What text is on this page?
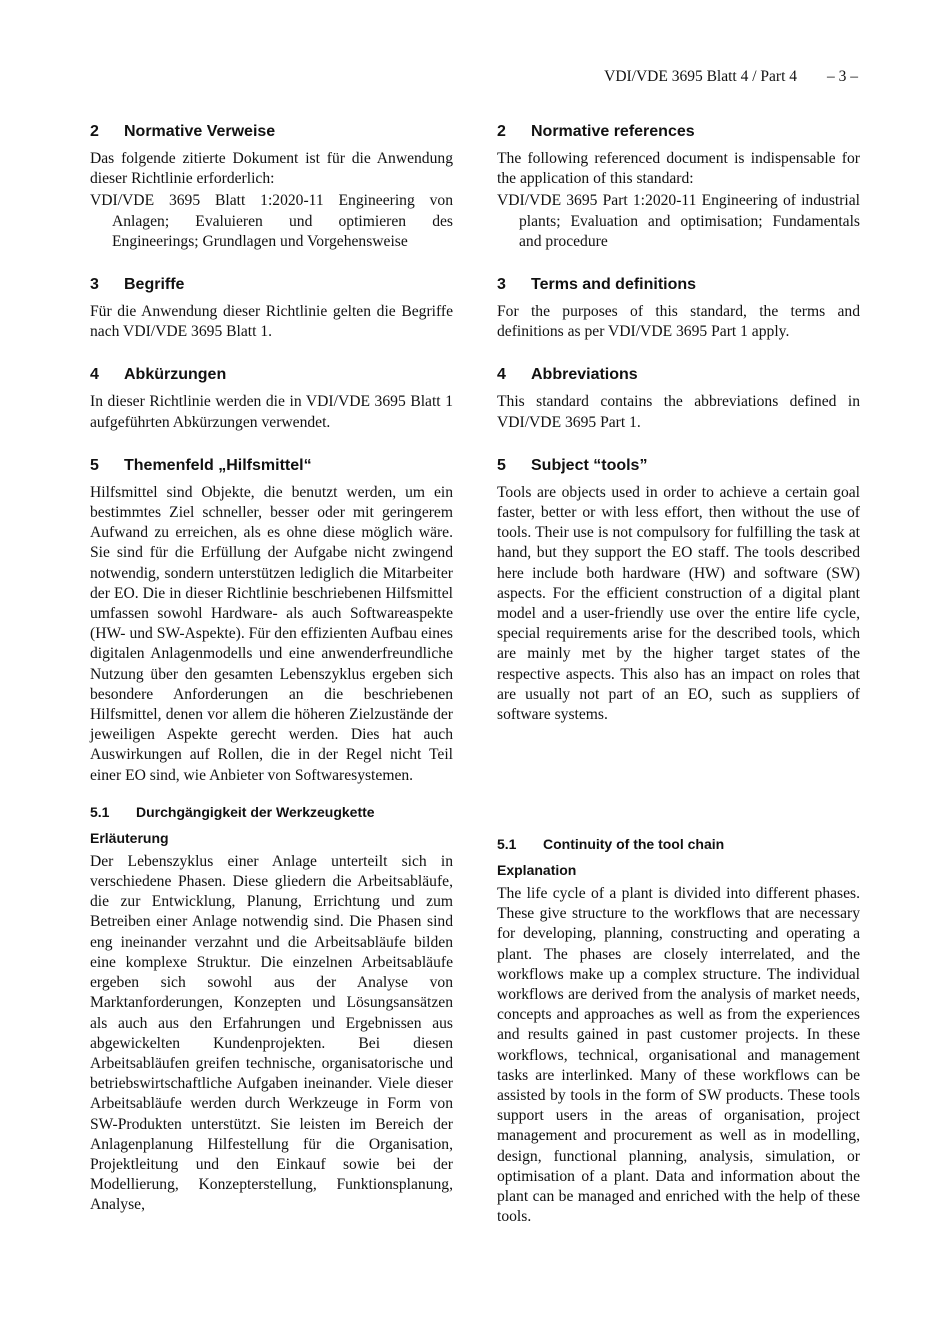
VDI/VDE 3695 Blatt 4 / Part 4 – 3 –
2	Normative Verweise

Das folgende zitierte Dokument ist für die Anwendung dieser Richtlinie erforderlich:

VDI/VDE 3695 Blatt 1:2020-11 Engineering von Anlagen; Evaluieren und optimieren des Engineerings; Grundlagen und Vorgehensweise

3	Begriffe

Für die Anwendung dieser Richtlinie gelten die Begriffe nach VDI/VDE 3695 Blatt 1.

4	Abkürzungen

In dieser Richtlinie werden die in VDI/VDE 3695 Blatt 1 aufgeführten Abkürzungen verwendet.

5	Themenfeld „Hilfsmittel“

Hilfsmittel sind Objekte, die benutzt werden, um ein bestimmtes Ziel schneller, besser oder mit geringerem Aufwand zu erreichen, als es ohne diese möglich wäre. Sie sind für die Erfüllung der Aufgabe nicht zwingend notwendig, sondern unterstützen lediglich die Mitarbeiter der EO. Die in dieser Richtlinie beschriebenen Hilfsmittel umfassen sowohl Hardware- als auch Softwareaspekte (HW- und SW-Aspekte). Für den effizienten Aufbau eines digitalen Anlagenmodells und eine anwenderfreundliche Nutzung über den gesamten Lebenszyklus ergeben sich besondere Anforderungen an die beschriebenen Hilfsmittel, denen vor allem die höheren Zielzustände der jeweiligen Aspekte gerecht werden. Dies hat auch Auswirkungen auf Rollen, die in der Regel nicht Teil einer EO sind, wie Anbieter von Softwaresystemen.

5.1	Durchgängigkeit der Werkzeugkette
Erläuterung

Der Lebenszyklus einer Anlage unterteilt sich in verschiedene Phasen. Diese gliedern die Arbeitsabläufe, die zur Entwicklung, Planung, Errichtung und zum Betreiben einer Anlage notwendig sind. Die Phasen sind eng ineinander verzahnt und die Arbeitsabläufe bilden eine komplexe Struktur. Die einzelnen Arbeitsabläufe ergeben sich sowohl aus der Analyse von Marktanforderungen, Konzepten und Lösungsansätzen als auch aus den Erfahrungen und Ergebnissen aus abgewickelten Kundenprojekten. Bei diesen Arbeitsabläufen greifen technische, organisatorische und betriebswirtschaftliche Aufgaben ineinander. Viele dieser Arbeitsabläufe werden durch Werkzeuge in Form von SW-Produkten unterstützt. Sie leisten im Bereich der Anlagenplanung Hilfestellung für die Organisation, Projektleitung und den Einkauf sowie bei der Modellierung, Konzepterstellung, Funktionsplanung, Analyse,

2	Normative references

The following referenced document is indispensable for the application of this standard:

VDI/VDE 3695 Part 1:2020-11 Engineering of industrial plants; Evaluation and optimisation; Fundamentals and procedure

3	Terms and definitions

For the purposes of this standard, the terms and definitions as per VDI/VDE 3695 Part 1 apply.

4	Abbreviations

This standard contains the abbreviations defined in VDI/VDE 3695 Part 1.

5	Subject “tools”

Tools are objects used in order to achieve a certain goal faster, better or with less effort, then without the use of tools. Their use is not compulsory for fulfilling the task at hand, but they support the EO staff. The tools described here include both hardware (HW) and software (SW) aspects. For the efficient construction of a digital plant model and a user-friendly use over the entire life cycle, special requirements arise for the described tools, which are mainly met by the higher target states of the respective aspects. This also has an impact on roles that are usually not part of an EO, such as suppliers of software systems.

5.1	Continuity of the tool chain
Explanation

The life cycle of a plant is divided into different phases. These give structure to the workflows that are necessary for developing, planning, constructing and operating a plant. The phases are closely interrelated, and the workflows make up a complex structure. The individual workflows are derived from the analysis of market needs, concepts and approaches as well as from the experiences and results gained in past customer projects. In these workflows, technical, organisational and management tasks are interlinked. Many of these workflows can be assisted by tools in the form of SW products. These tools support users in the areas of organisation, project management and procurement as well as in modelling, design, functional planning, analysis, simulation, or optimisation of a plant. Data and information about the plant can be managed and enriched with the help of these tools.
